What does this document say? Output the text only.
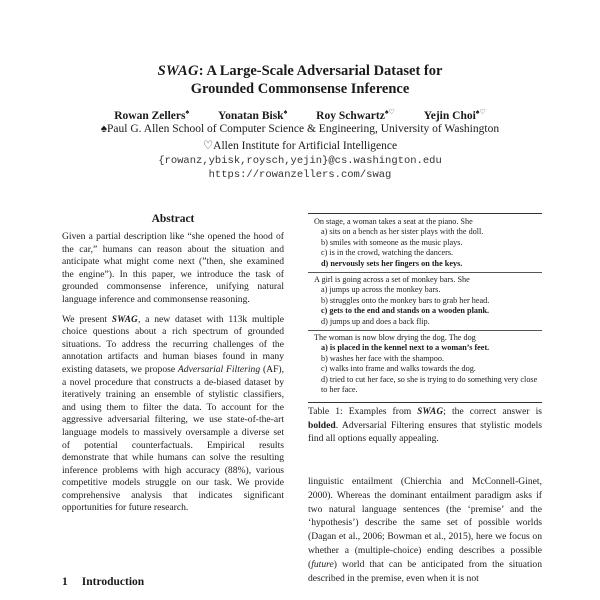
SWAG: A Large-Scale Adversarial Dataset for
Grounded Commonsense Inference
Rowan Zellers♠	Yonatan Bisk♠	Roy Schwartz♠♡	Yejin Choi♠♡
♠Paul G. Allen School of Computer Science & Engineering, University of Washington
♡Allen Institute for Artificial Intelligence
{rowanz,ybisk,roysch,yejin}@cs.washington.edu
https://rowanzellers.com/swag
Abstract

Given a partial description like “she opened the hood of the car,” humans can reason about the situation and anticipate what might come next (”then, she examined the engine”). In this paper, we introduce the task of grounded commonsense inference, unifying natural language inference and commonsense reasoning.

We present SWAG, a new dataset with 113k multiple choice questions about a rich spectrum of grounded situations. To address the recurring challenges of the annotation artifacts and human biases found in many existing datasets, we propose Adversarial Filtering (AF), a novel procedure that constructs a de-biased dataset by iteratively training an ensemble of stylistic classifiers, and using them to filter the data. To account for the aggressive adversarial filtering, we use state-of-the-art language models to massively oversample a diverse set of potential counterfactuals. Empirical results demonstrate that while humans can solve the resulting inference problems with high accuracy (88%), various competitive models struggle on our task. We provide comprehensive analysis that indicates significant opportunities for future research.

1 Introduction

On stage, a woman takes a seat at the piano. She

a) sits on a bench as her sister plays with the doll.

b) smiles with someone as the music plays.

c) is in the crowd, watching the dancers.

d) nervously sets her fingers on the keys.

A girl is going across a set of monkey bars. She

a) jumps up across the monkey bars.

b) struggles onto the monkey bars to grab her head.

c) gets to the end and stands on a wooden plank.

d) jumps up and does a back flip.

The woman is now blow drying the dog. The dog

a) is placed in the kennel next to a woman’s feet.

b) washes her face with the shampoo.

c) walks into frame and walks towards the dog.

d) tried to cut her face, so she is trying to do something very close to her face.

Table 1: Examples from SWAG; the correct answer is bolded. Adversarial Filtering ensures that stylistic models find all options equally appealing.
linguistic entailment (Chierchia and McConnell-Ginet, 2000). Whereas the dominant entailment paradigm asks if two natural language sentences (the ‘premise’ and the ‘hypothesis’) describe the same set of possible worlds (Dagan et al., 2006; Bowman et al., 2015), here we focus on whether a (multiple-choice) ending describes a possible (future) world that can be anticipated from the situation described in the premise, even when it is not
